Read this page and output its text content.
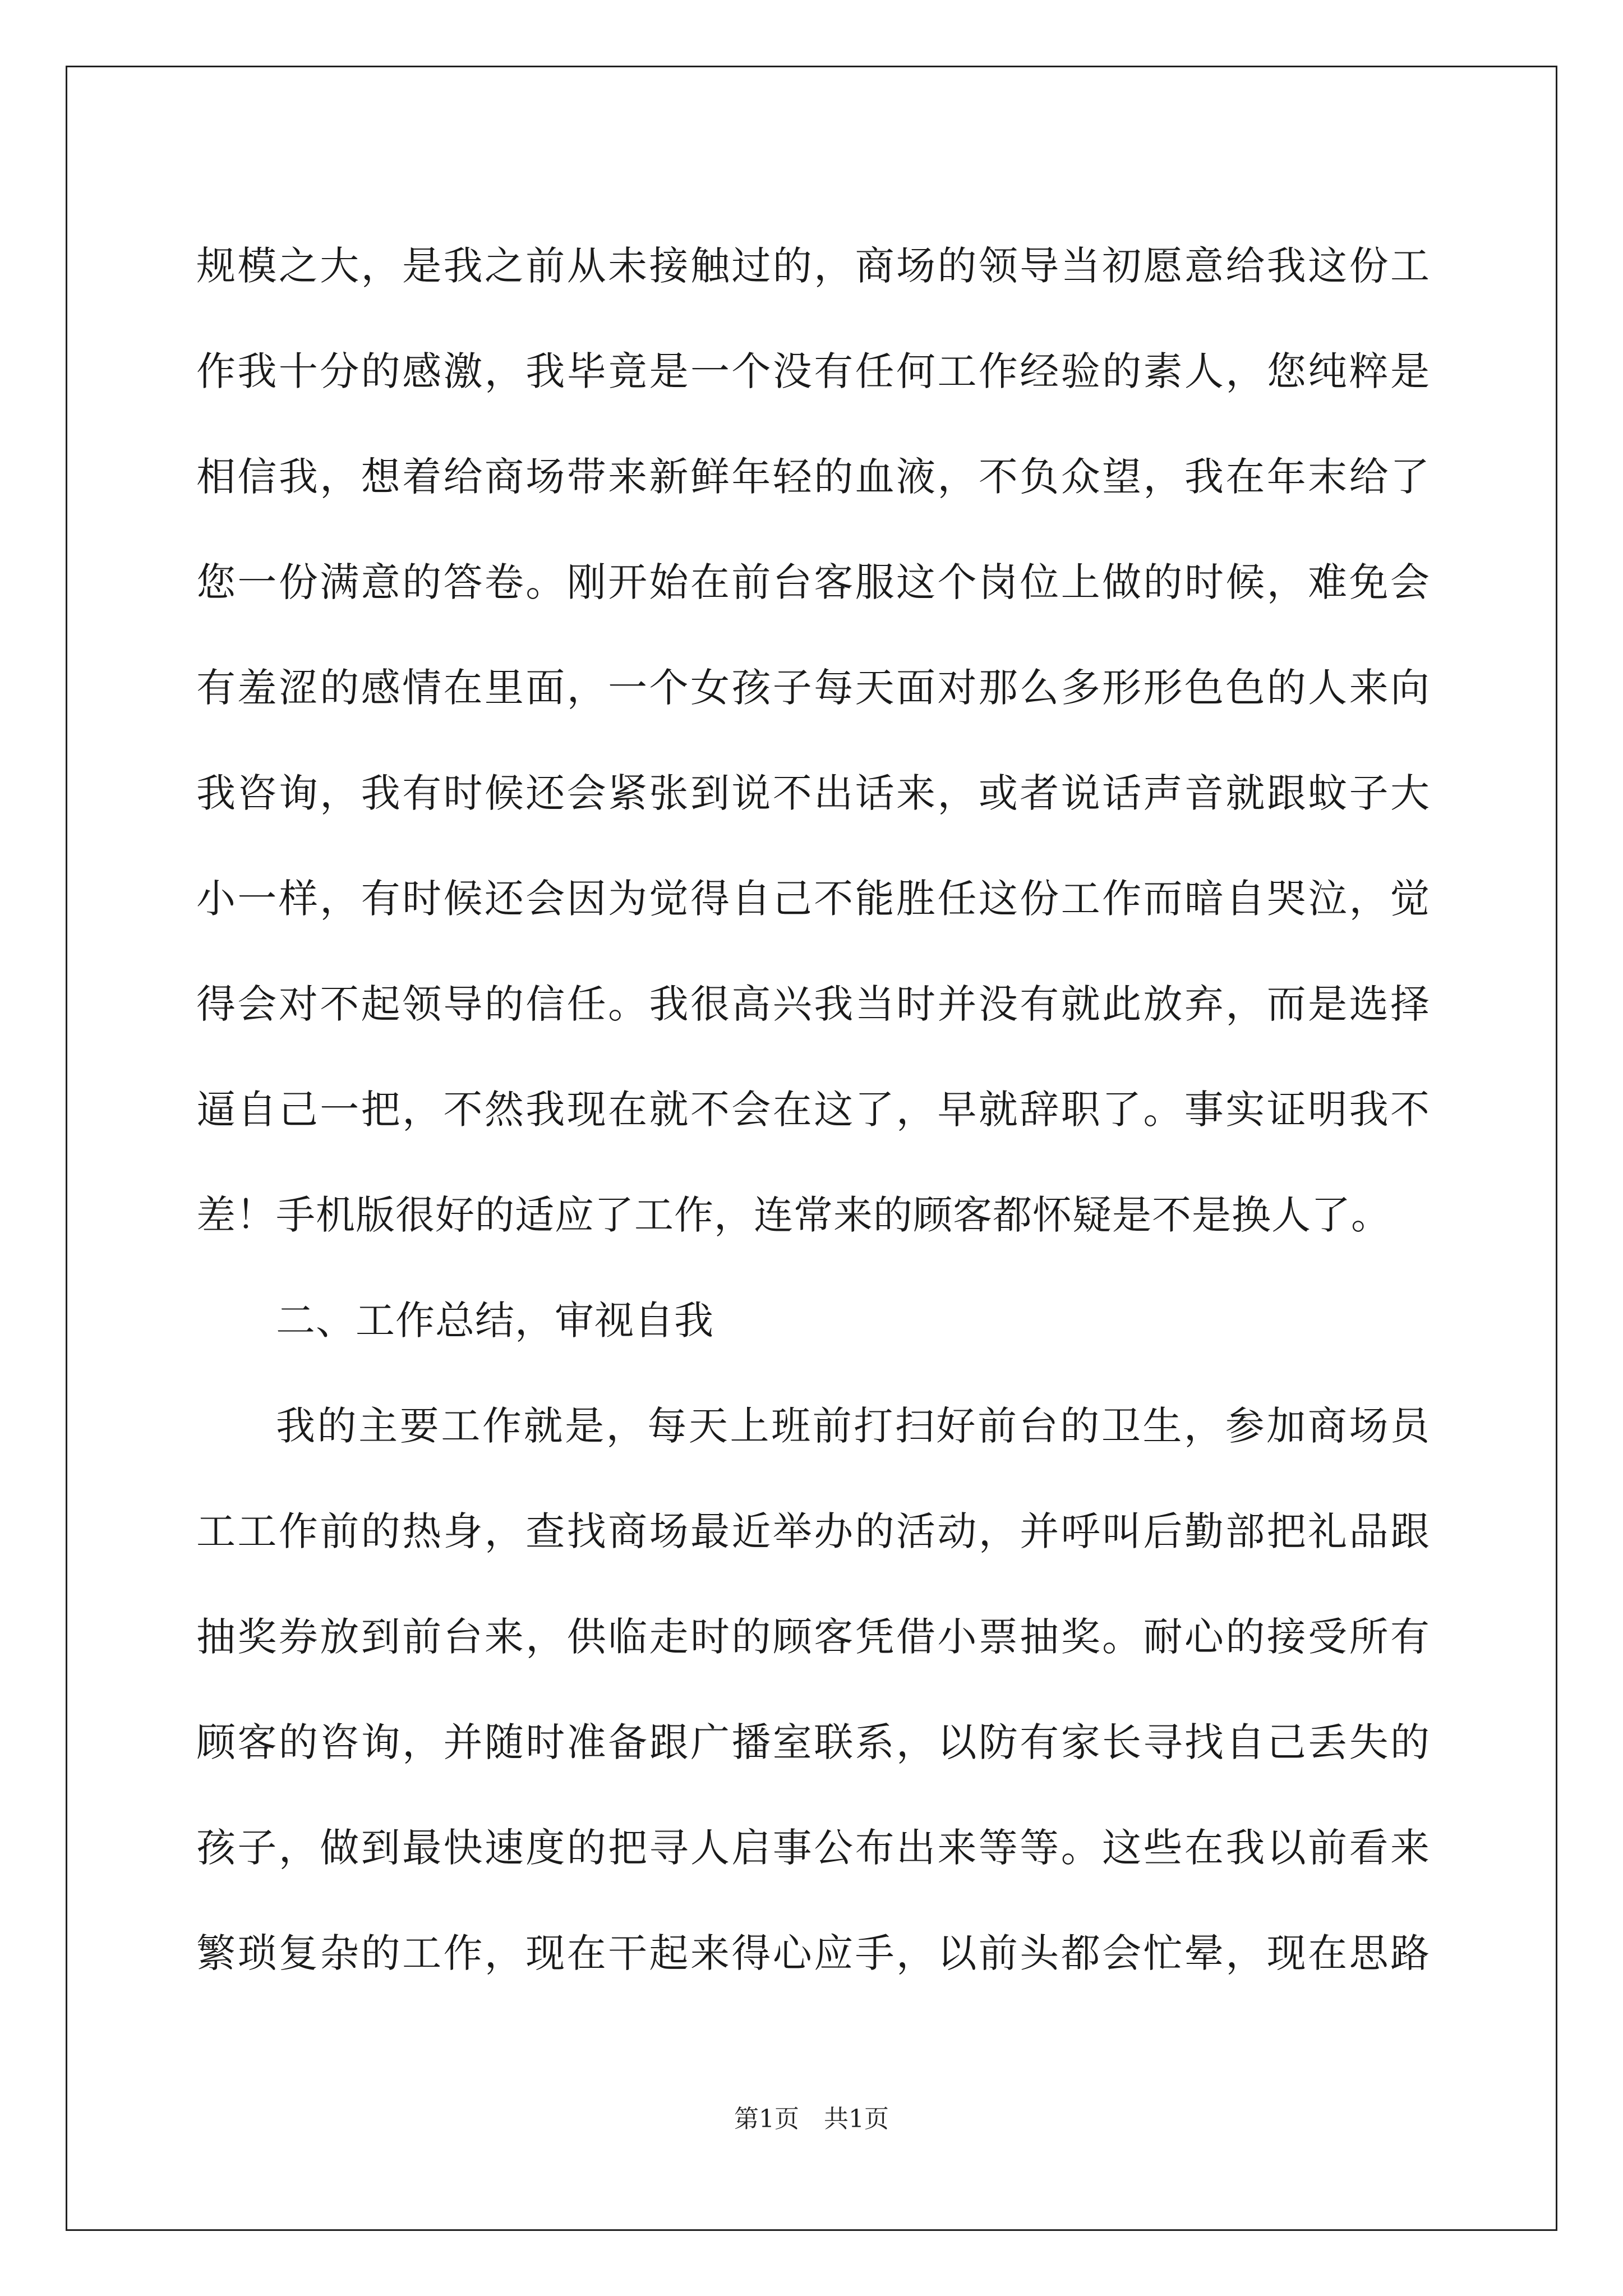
规模之大，是我之前从未接触过的，商场的领导当初愿意给我这份工
作我十分的感激，我毕竟是一个没有任何工作经验的素人，您纯粹是
相信我，想着给商场带来新鲜年轻的血液，不负众望，我在年末给了
您一份满意的答卷。刚开始在前台客服这个岗位上做的时候，难免会
有羞涩的感情在里面，一个女孩子每天面对那么多形形色色的人来向
我咨询，我有时候还会紧张到说不出话来，或者说话声音就跟蚊子大
小一样，有时候还会因为觉得自己不能胜任这份工作而暗自哭泣，觉
得会对不起领导的信任。我很高兴我当时并没有就此放弃，而是选择
逼自己一把，不然我现在就不会在这了，早就辞职了。事实证明我不
差！手机版很好的适应了工作，连常来的顾客都怀疑是不是换人了。
二、工作总结，审视自我
我的主要工作就是，每天上班前打扫好前台的卫生，参加商场员
工工作前的热身，查找商场最近举办的活动，并呼叫后勤部把礼品跟
抽奖券放到前台来，供临走时的顾客凭借小票抽奖。耐心的接受所有
顾客的咨询，并随时准备跟广播室联系，以防有家长寻找自己丢失的
孩子，做到最快速度的把寻人启事公布出来等等。这些在我以前看来
繁琐复杂的工作，现在干起来得心应手，以前头都会忙晕，现在思路
第1页　共1页
